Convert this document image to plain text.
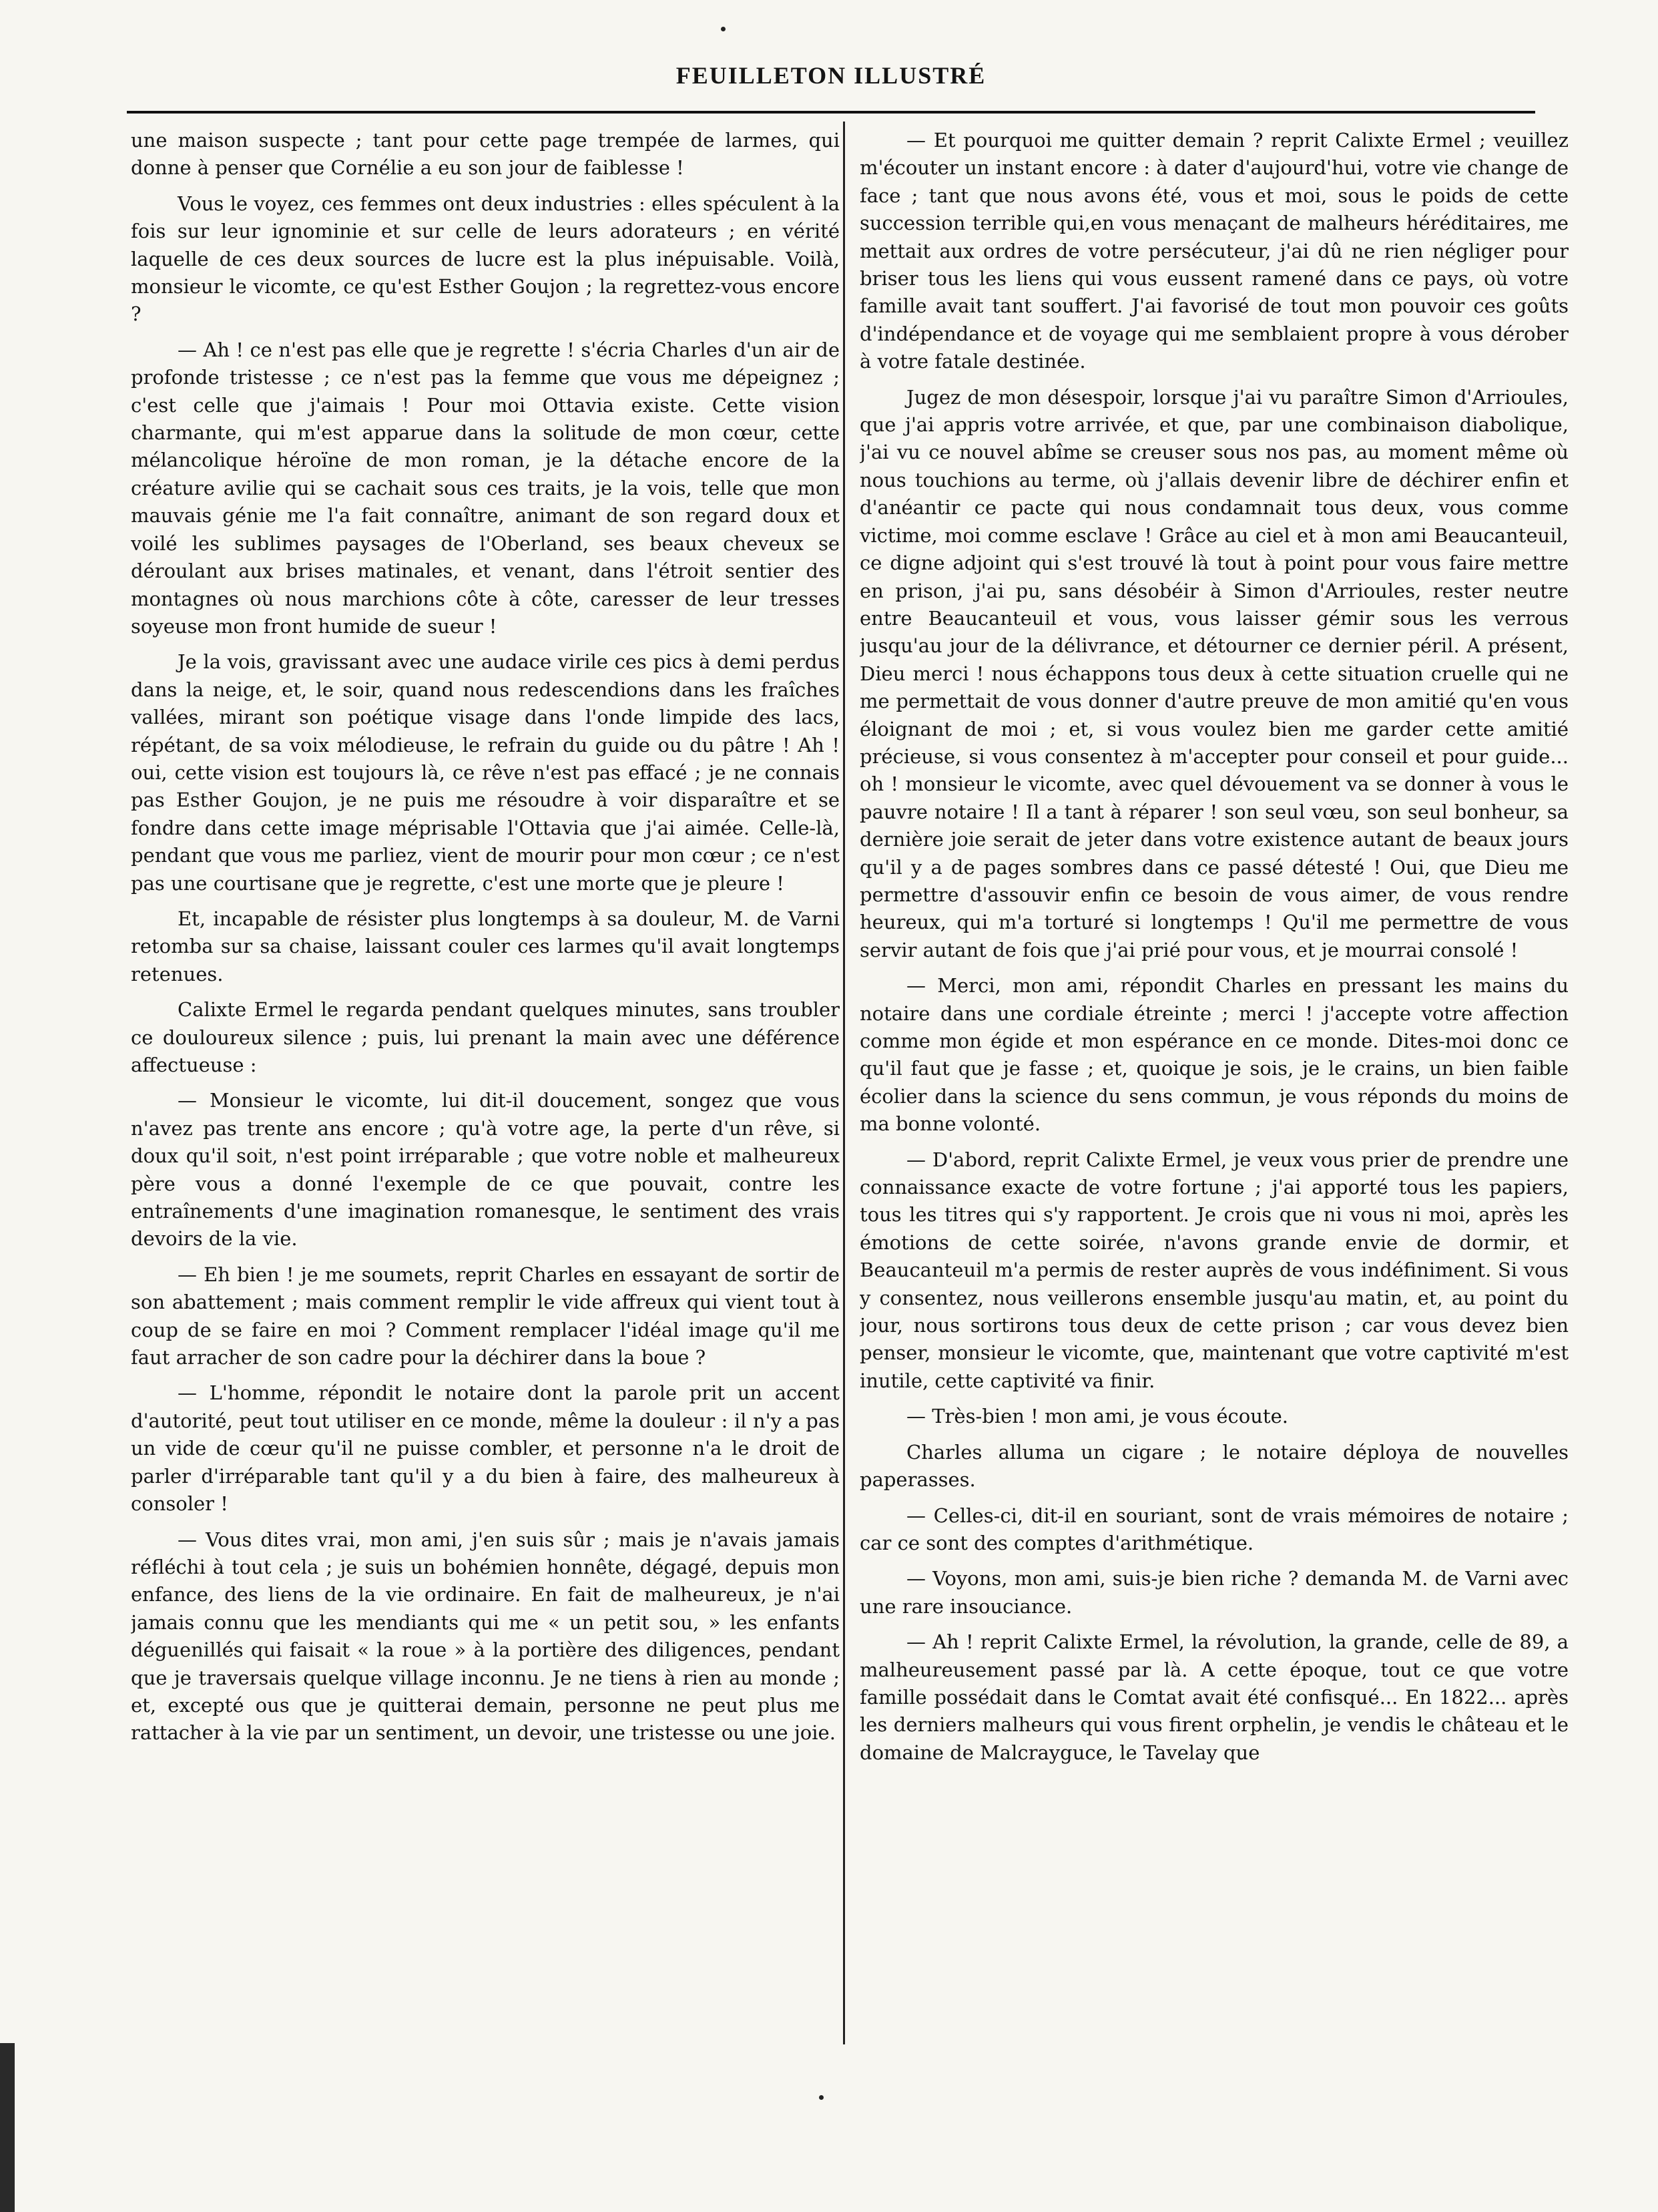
FEUILLETON ILLUSTRÉ

une maison suspecte ; tant pour cette page trempée de larmes, qui donne à penser que Cornélie a eu son jour de faiblesse !

Vous le voyez, ces femmes ont deux industries : elles spéculent à la fois sur leur ignominie et sur celle de leurs adorateurs ; en vérité laquelle de ces deux sources de lucre est la plus inépuisable. Voilà, monsieur le vicomte, ce qu'est Esther Goujon ; la regrettez-vous encore ?

— Ah ! ce n'est pas elle que je regrette ! s'écria Charles d'un air de profonde tristesse ; ce n'est pas la femme que vous me dépeignez ; c'est celle que j'aimais ! Pour moi Ottavia existe. Cette vision charmante, qui m'est apparue dans la solitude de mon cœur, cette mélancolique héroïne de mon roman, je la détache encore de la créature avilie qui se cachait sous ces traits, je la vois, telle que mon mauvais génie me l'a fait connaître, animant de son regard doux et voilé les sublimes paysages de l'Oberland, ses beaux cheveux se déroulant aux brises matinales, et venant, dans l'étroit sentier des montagnes où nous marchions côte à côte, caresser de leur tresses soyeuse mon front humide de sueur !

Je la vois, gravissant avec une audace virile ces pics à demi perdus dans la neige, et, le soir, quand nous redescendions dans les fraîches vallées, mirant son poétique visage dans l'onde limpide des lacs, répétant, de sa voix mélodieuse, le refrain du guide ou du pâtre ! Ah ! oui, cette vision est toujours là, ce rêve n'est pas effacé ; je ne connais pas Esther Goujon, je ne puis me résoudre à voir disparaître et se fondre dans cette image méprisable l'Ottavia que j'ai aimée. Celle-là, pendant que vous me parliez, vient de mourir pour mon cœur ; ce n'est pas une courtisane que je regrette, c'est une morte que je pleure !

Et, incapable de résister plus longtemps à sa douleur, M. de Varni retomba sur sa chaise, laissant couler ces larmes qu'il avait longtemps retenues.

Calixte Ermel le regarda pendant quelques minutes, sans troubler ce douloureux silence ; puis, lui prenant la main avec une déférence affectueuse :

— Monsieur le vicomte, lui dit-il doucement, songez que vous n'avez pas trente ans encore ; qu'à votre age, la perte d'un rêve, si doux qu'il soit, n'est point irréparable ; que votre noble et malheureux père vous a donné l'exemple de ce que pouvait, contre les entraînements d'une imagination romanesque, le sentiment des vrais devoirs de la vie.

— Eh bien ! je me soumets, reprit Charles en essayant de sortir de son abattement ; mais comment remplir le vide affreux qui vient tout à coup de se faire en moi ? Comment remplacer l'idéal image qu'il me faut arracher de son cadre pour la déchirer dans la boue ?

— L'homme, répondit le notaire dont la parole prit un accent d'autorité, peut tout utiliser en ce monde, même la douleur : il n'y a pas un vide de cœur qu'il ne puisse combler, et personne n'a le droit de parler d'irréparable tant qu'il y a du bien à faire, des malheureux à consoler !

— Vous dites vrai, mon ami, j'en suis sûr ; mais je n'avais jamais réfléchi à tout cela ; je suis un bohémien honnête, dégagé, depuis mon enfance, des liens de la vie ordinaire. En fait de malheureux, je n'ai jamais connu que les mendiants qui me « un petit sou, » les enfants déguenillés qui faisait « la roue » à la portière des diligences, pendant que je traversais quelque village inconnu. Je ne tiens à rien au monde ; et, excepté ous que je quitterai demain, personne ne peut plus me rattacher à la vie par un sentiment, un devoir, une tristesse ou une joie.

— Et pourquoi me quitter demain ? reprit Calixte Ermel ; veuillez m'écouter un instant encore : à dater d'aujourd'hui, votre vie change de face ; tant que nous avons été, vous et moi, sous le poids de cette succession terrible qui,en vous menaçant de malheurs héréditaires, me mettait aux ordres de votre persécuteur, j'ai dû ne rien négliger pour briser tous les liens qui vous eussent ramené dans ce pays, où votre famille avait tant souffert. J'ai favorisé de tout mon pouvoir ces goûts d'indépendance et de voyage qui me semblaient propre à vous dérober à votre fatale destinée.

Jugez de mon désespoir, lorsque j'ai vu paraître Simon d'Arrioules, que j'ai appris votre arrivée, et que, par une combinaison diabolique, j'ai vu ce nouvel abîme se creuser sous nos pas, au moment même où nous touchions au terme, où j'allais devenir libre de déchirer enfin et d'anéantir ce pacte qui nous condamnait tous deux, vous comme victime, moi comme esclave ! Grâce au ciel et à mon ami Beaucanteuil, ce digne adjoint qui s'est trouvé là tout à point pour vous faire mettre en prison, j'ai pu, sans désobéir à Simon d'Arrioules, rester neutre entre Beaucanteuil et vous, vous laisser gémir sous les verrous jusqu'au jour de la délivrance, et détourner ce dernier péril. A présent, Dieu merci ! nous échappons tous deux à cette situation cruelle qui ne me permettait de vous donner d'autre preuve de mon amitié qu'en vous éloignant de moi ; et, si vous voulez bien me garder cette amitié précieuse, si vous consentez à m'accepter pour conseil et pour guide... oh ! monsieur le vicomte, avec quel dévouement va se donner à vous le pauvre notaire ! Il a tant à réparer ! son seul vœu, son seul bonheur, sa dernière joie serait de jeter dans votre existence autant de beaux jours qu'il y a de pages sombres dans ce passé détesté ! Oui, que Dieu me permettre d'assouvir enfin ce besoin de vous aimer, de vous rendre heureux, qui m'a torturé si longtemps ! Qu'il me permettre de vous servir autant de fois que j'ai prié pour vous, et je mourrai consolé !

— Merci, mon ami, répondit Charles en pressant les mains du notaire dans une cordiale étreinte ; merci ! j'accepte votre affection comme mon égide et mon espérance en ce monde. Dites-moi donc ce qu'il faut que je fasse ; et, quoique je sois, je le crains, un bien faible écolier dans la science du sens commun, je vous réponds du moins de ma bonne volonté.

— D'abord, reprit Calixte Ermel, je veux vous prier de prendre une connaissance exacte de votre fortune ; j'ai apporté tous les papiers, tous les titres qui s'y rapportent. Je crois que ni vous ni moi, après les émotions de cette soirée, n'avons grande envie de dormir, et Beaucanteuil m'a permis de rester auprès de vous indéfiniment. Si vous y consentez, nous veillerons ensemble jusqu'au matin, et, au point du jour, nous sortirons tous deux de cette prison ; car vous devez bien penser, monsieur le vicomte, que, maintenant que votre captivité m'est inutile, cette captivité va finir.

— Très-bien ! mon ami, je vous écoute.

Charles alluma un cigare ; le notaire déploya de nouvelles paperasses.

— Celles-ci, dit-il en souriant, sont de vrais mémoires de notaire ; car ce sont des comptes d'arithmétique.

— Voyons, mon ami, suis-je bien riche ? demanda M. de Varni avec une rare insouciance.

— Ah ! reprit Calixte Ermel, la révolution, la grande, celle de 89, a malheureusement passé par là. A cette époque, tout ce que votre famille possédait dans le Comtat avait été confisqué... En 1822... après les derniers malheurs qui vous firent orphelin, je vendis le château et le domaine de Malcrayguce, le Tavelay que
